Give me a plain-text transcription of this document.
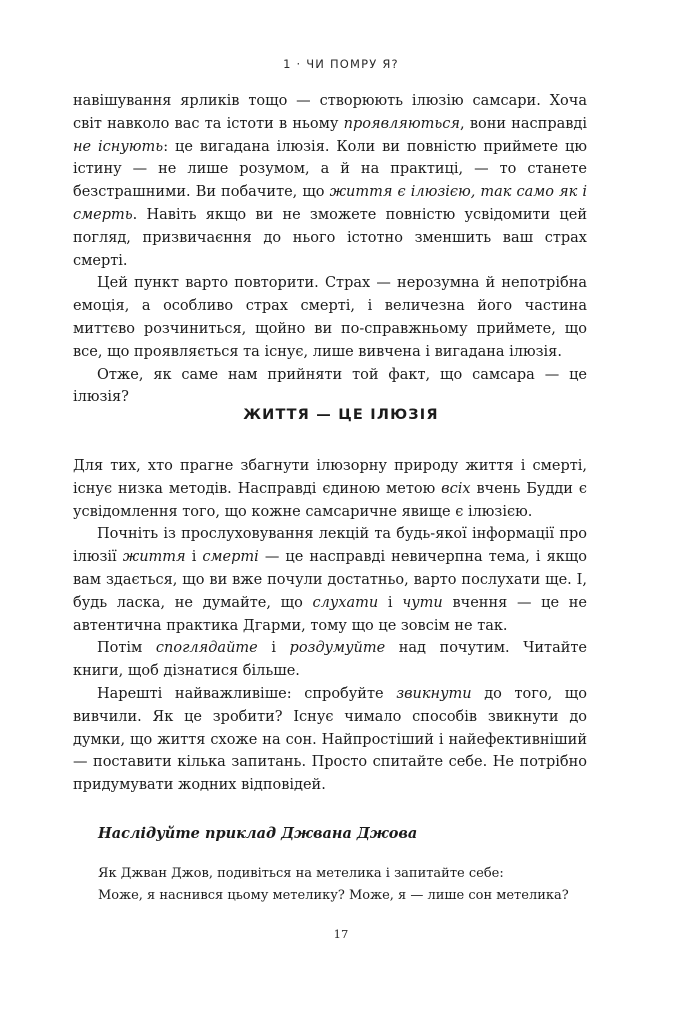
1 · ЧИ ПОМРУ Я?

навішування ярликів тощо — створюють ілюзію самсари. Хоча світ навколо вас та істоти в ньому проявляються, вони насправді не існують: це вигадана ілюзія. Коли ви повністю приймете цю істину — не лише розумом, а й на практиці, — то станете безстрашними. Ви побачите, що життя є ілюзією, так само як і смерть. Навіть якщо ви не зможете повністю усвідомити цей погляд, призвичаєння до нього істотно зменшить ваш страх смерті.

Цей пункт варто повторити. Страх — нерозумна й непотрібна емоція, а особливо страх смерті, і величезна його частина миттєво розчиниться, щойно ви по-справжньому приймете, що все, що проявляється та існує, лише вивчена і вигадана ілюзія.

Отже, як саме нам прийняти той факт, що самсара — це ілюзія?

ЖИТТЯ — ЦЕ ІЛЮЗІЯ

Для тих, хто прагне збагнути ілюзорну природу життя і смерті, існує низка методів. Насправді єдиною метою всіх вчень Будди є усвідомлення того, що кожне самсаричне явище є ілюзією.

Почніть із прослуховування лекцій та будь-якої інформації про ілюзії життя і смерті — це насправді невичерпна тема, і якщо вам здається, що ви вже почули достатньо, варто послухати ще. І, будь ласка, не думайте, що слухати і чути вчення — це не автентична практика Дгарми, тому що це зовсім не так.

Потім споглядайте і роздумуйте над почутим. Читайте книги, щоб дізнатися більше.

Нарешті найважливіше: спробуйте звикнути до того, що вивчили. Як це зробити? Існує чимало способів звикнути до думки, що життя схоже на сон. Найпростіший і найефективніший — поставити кілька запитань. Просто спитайте себе. Не потрібно придумувати жодних відповідей.

Наслідуйте приклад Джвана Джова

Як Джван Джов, подивіться на метелика і запитайте себе:

Може, я наснився цьому метелику? Може, я — лише сон метелика?

17
